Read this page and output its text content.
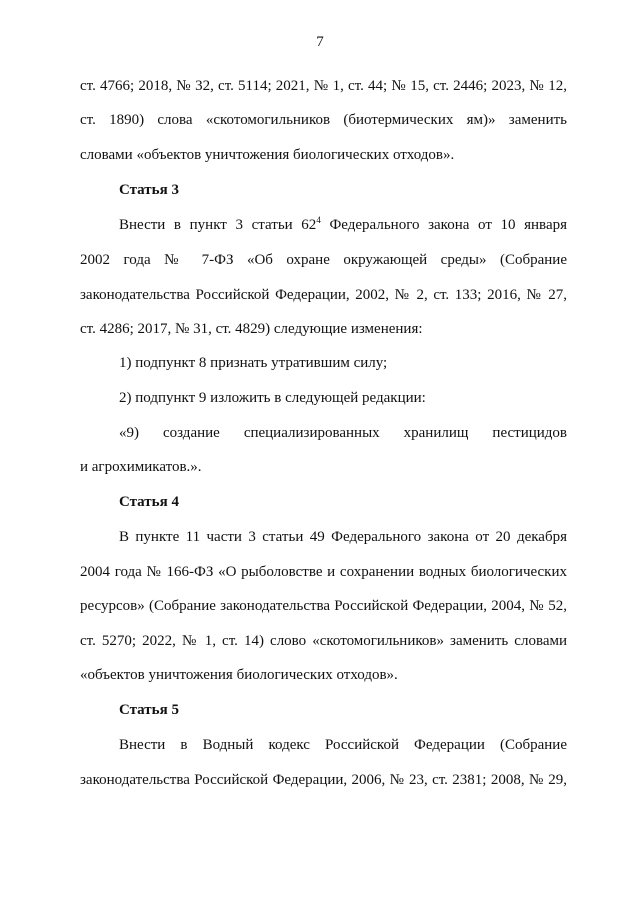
7
ст. 4766; 2018, № 32, ст. 5114; 2021, № 1, ст. 44; № 15, ст. 2446; 2023, № 12,
ст. 1890) слова «скотомогильников (биотермических ям)» заменить
словами «объектов уничтожения биологических отходов».
Статья 3
Внести в пункт 3 статьи $62^4$ Федерального закона от 10 января
2002 года № 7-ФЗ «Об охране окружающей среды» (Собрание
законодательства Российской Федерации, 2002, № 2, ст. 133; 2016, № 27,
ст. 4286; 2017, № 31, ст. 4829) следующие изменения:
1) подпункт 8 признать утратившим силу;
2) подпункт 9 изложить в следующей редакции:
«9) создание специализированных хранилищ пестицидов
и агрохимикатов.».
Статья 4
В пункте 11 части 3 статьи 49 Федерального закона от 20 декабря
2004 года № 166-ФЗ «О рыболовстве и сохранении водных биологических
ресурсов» (Собрание законодательства Российской Федерации, 2004, № 52,
ст. 5270; 2022, № 1, ст. 14) слово «скотомогильников» заменить словами
«объектов уничтожения биологических отходов».
Статья 5
Внести в Водный кодекс Российской Федерации (Собрание
законодательства Российской Федерации, 2006, № 23, ст. 2381; 2008, № 29,
